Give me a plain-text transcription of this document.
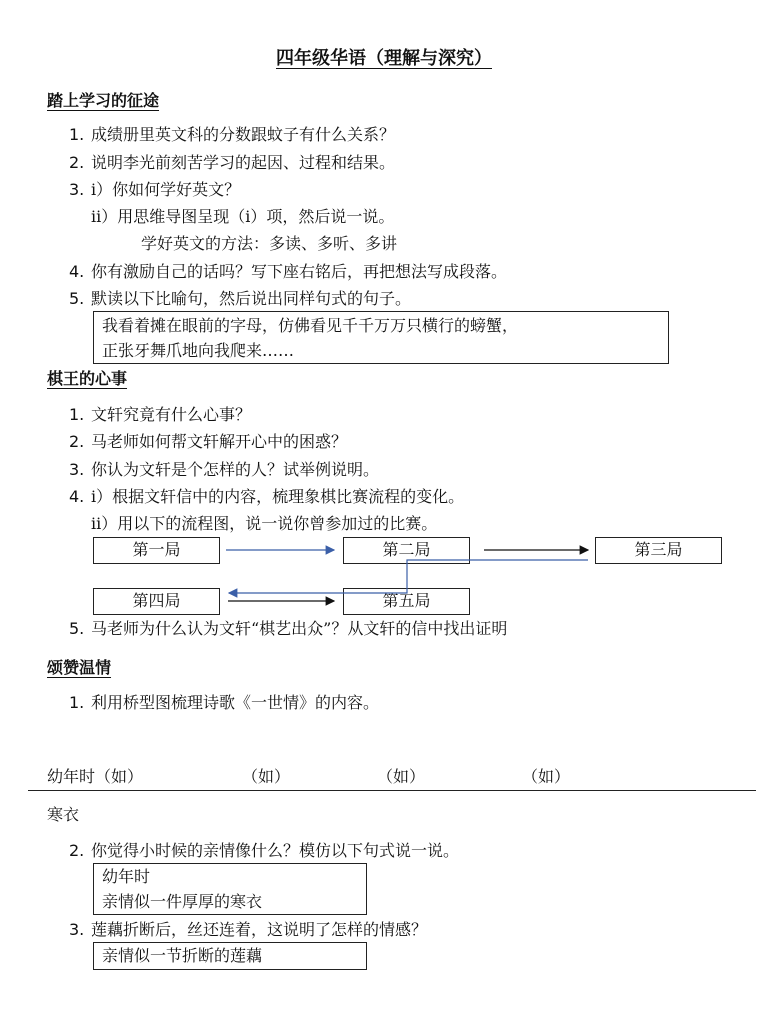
四年级华语（理解与深究）
踏上学习的征途
1. 成绩册里英文科的分数跟蚊子有什么关系？
2. 说明李光前刻苦学习的起因、过程和结果。
3. i）你如何学好英文？
ii）用思维导图呈现（i）项，然后说一说。
学好英文的方法：多读、多听、多讲
4. 你有激励自己的话吗？写下座右铭后，再把想法写成段落。
5. 默读以下比喻句，然后说出同样句式的句子。
我看着摊在眼前的字母，仿佛看见千千万万只横行的螃蟹，
正张牙舞爪地向我爬来……
棋王的心事
1. 文轩究竟有什么心事？
2. 马老师如何帮文轩解开心中的困惑？
3. 你认为文轩是个怎样的人？试举例说明。
4. i）根据文轩信中的内容，梳理象棋比赛流程的变化。
ii）用以下的流程图，说一说你曾参加过的比赛。
第一局	第二局	第三局
第四局	第五局
5. 马老师为什么认为文轩“棋艺出众”？从文轩的信中找出证明
颂赞温情
1. 利用桥型图梳理诗歌《一世情》的内容。
幼年时（如）	（如）	（如）	（如）
寒衣
2. 你觉得小时候的亲情像什么？模仿以下句式说一说。
幼年时
亲情似一件厚厚的寒衣
3. 莲藕折断后，丝还连着，这说明了怎样的情感？
亲情似一节折断的莲藕
